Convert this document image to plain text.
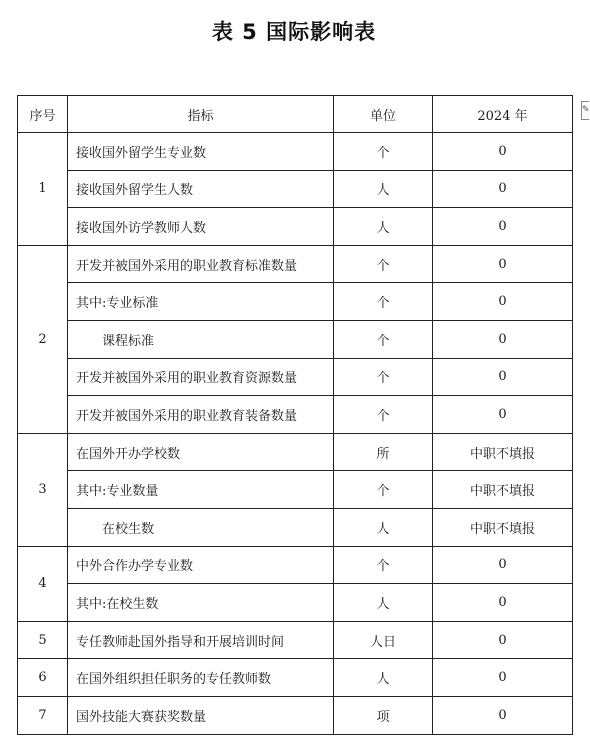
表 5 国际影响表
序号	指标	单位	2024 年
1	接收国外留学生专业数	个	0
	接收国外留学生人数	人	0
	接收国外访学教师人数	人	0
2	开发并被国外采用的职业教育标准数量	个	0
	其中:专业标准	个	0
	课程标准	个	0
	开发并被国外采用的职业教育资源数量	个	0
	开发并被国外采用的职业教育装备数量	个	0
3	在国外开办学校数	所	中职不填报
	其中:专业数量	个	中职不填报
	在校生数	人	中职不填报
4	中外合作办学专业数	个	0
	其中:在校生数	人	0
5	专任教师赴国外指导和开展培训时间	人日	0
6	在国外组织担任职务的专任教师数	人	0
7	国外技能大赛获奖数量	项	0
✎
